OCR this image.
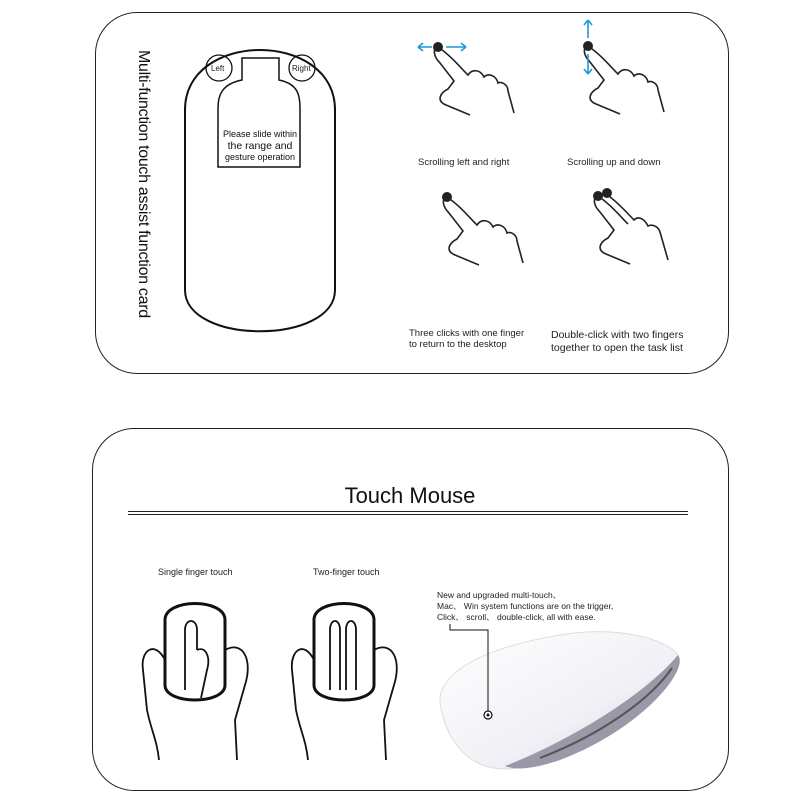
Multi-function touch assist function card	Left	Right
Please slide within
the range and
gesture operation	Scrolling left and right	Scrolling up and down
Three clicks with one finger
to return to the desktop
Double-click with two fingers
together to open the task list
Touch Mouse
Single finger touch	Two-finger touch
New and upgraded multi-touch、
Mac、 Win system functions are on the trigger,
Click、 scroll、 double-click, all with ease.
